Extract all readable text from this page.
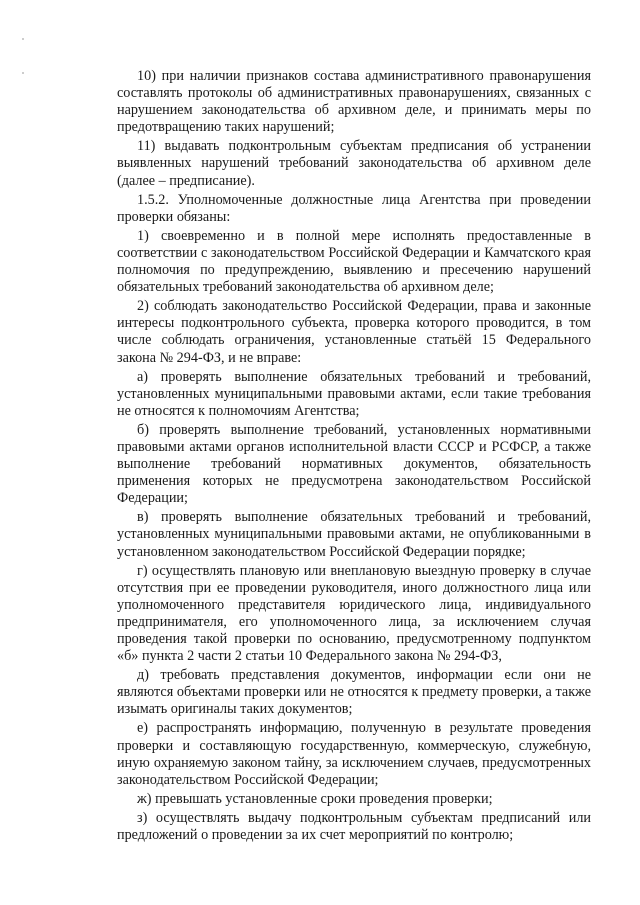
10) при наличии признаков состава административного правонарушения составлять протоколы об административных правонарушениях, связанных с нарушением законодательства об архивном деле, и принимать меры по предотвращению таких нарушений;

11) выдавать подконтрольным субъектам предписания об устранении выявленных нарушений требований законодательства об архивном деле (далее – предписание).

1.5.2. Уполномоченные должностные лица Агентства при проведении проверки обязаны:

1) своевременно и в полной мере исполнять предоставленные в соответствии с законодательством Российской Федерации и Камчатского края полномочия по предупреждению, выявлению и пресечению нарушений обязательных требований законодательства об архивном деле;

2) соблюдать законодательство Российской Федерации, права и законные интересы подконтрольного субъекта, проверка которого проводится, в том числе соблюдать ограничения, установленные статьёй 15 Федерального закона № 294-ФЗ, и не вправе:

а) проверять выполнение обязательных требований и требований, установленных муниципальными правовыми актами, если такие требования не относятся к полномочиям Агентства;

б) проверять выполнение требований, установленных нормативными правовыми актами органов исполнительной власти СССР и РСФСР, а также выполнение требований нормативных документов, обязательность применения которых не предусмотрена законодательством Российской Федерации;

в) проверять выполнение обязательных требований и требований, установленных муниципальными правовыми актами, не опубликованными в установленном законодательством Российской Федерации порядке;

г) осуществлять плановую или внеплановую выездную проверку в случае отсутствия при ее проведении руководителя, иного должностного лица или уполномоченного представителя юридического лица, индивидуального предпринимателя, его уполномоченного лица, за исключением случая проведения такой проверки по основанию, предусмотренному подпунктом «б» пункта 2 части 2 статьи 10 Федерального закона № 294-ФЗ,

д) требовать представления документов, информации если они не являются объектами проверки или не относятся к предмету проверки, а также изымать оригиналы таких документов;

е) распространять информацию, полученную в результате проведения проверки и составляющую государственную, коммерческую, служебную, иную охраняемую законом тайну, за исключением случаев, предусмотренных законодательством Российской Федерации;

ж) превышать установленные сроки проведения проверки;

з) осуществлять выдачу подконтрольным субъектам предписаний или предложений о проведении за их счет мероприятий по контролю;
